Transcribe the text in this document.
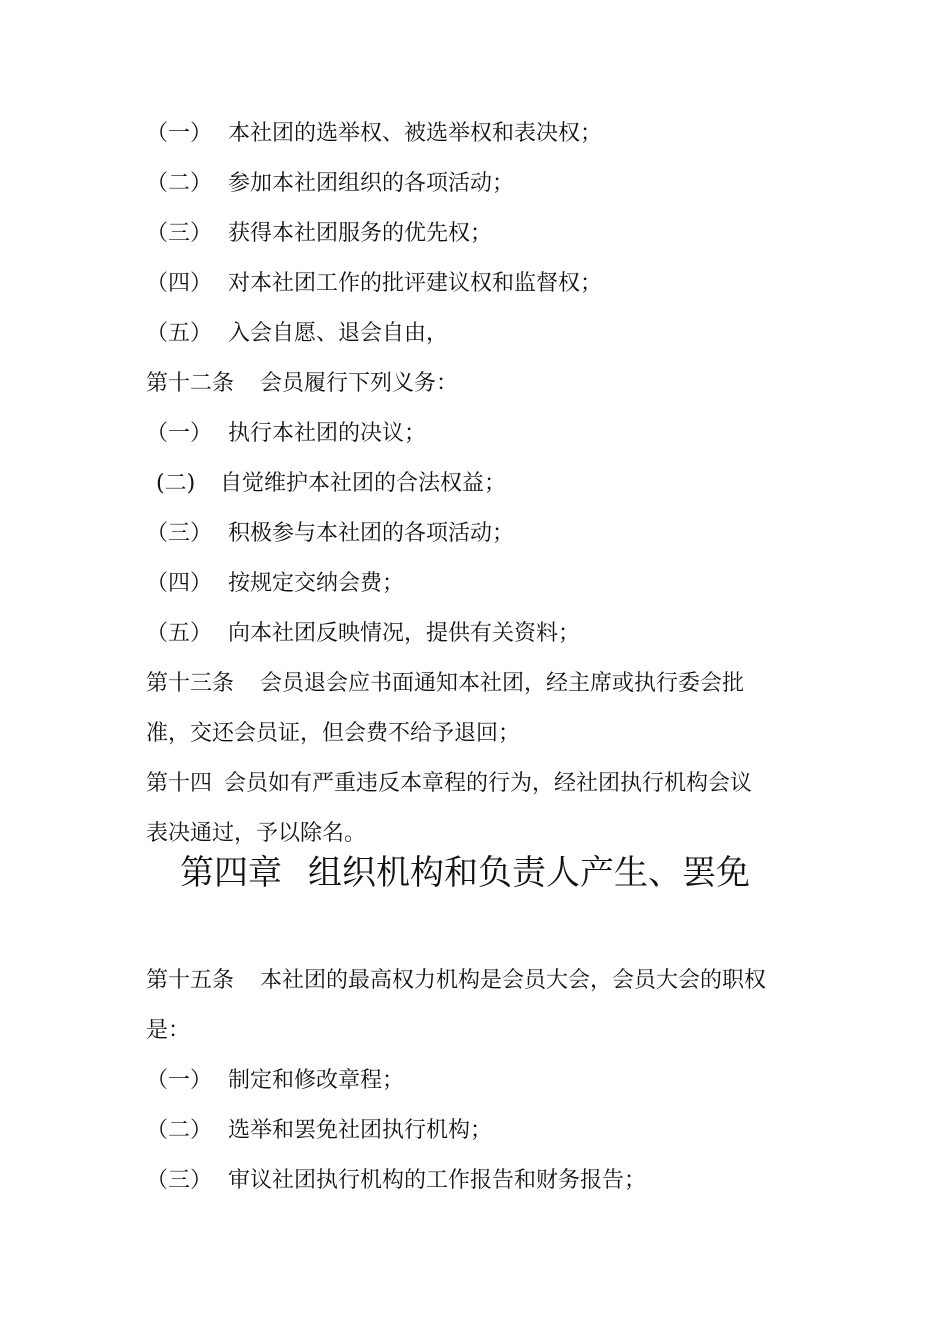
（一） 本社团的选举权、被选举权和表决权；
（二） 参加本社团组织的各项活动；
（三） 获得本社团服务的优先权；
（四） 对本社团工作的批评建议权和监督权；
（五） 入会自愿、退会自由，
第十二条 会员履行下列义务：
（一） 执行本社团的决议；
(二) 自觉维护本社团的合法权益；
（三） 积极参与本社团的各项活动；
（四） 按规定交纳会费；
（五） 向本社团反映情况，提供有关资料；
第十三条 会员退会应书面通知本社团，经主席或执行委会批
准，交还会员证，但会费不给予退回；
第十四 会员如有严重违反本章程的行为，经社团执行机构会议
表决通过，予以除名。
第四章 组织机构和负责人产生、罢免
第十五条 本社团的最高权力机构是会员大会，会员大会的职权
是：
（一） 制定和修改章程；
（二） 选举和罢免社团执行机构；
（三） 审议社团执行机构的工作报告和财务报告；
